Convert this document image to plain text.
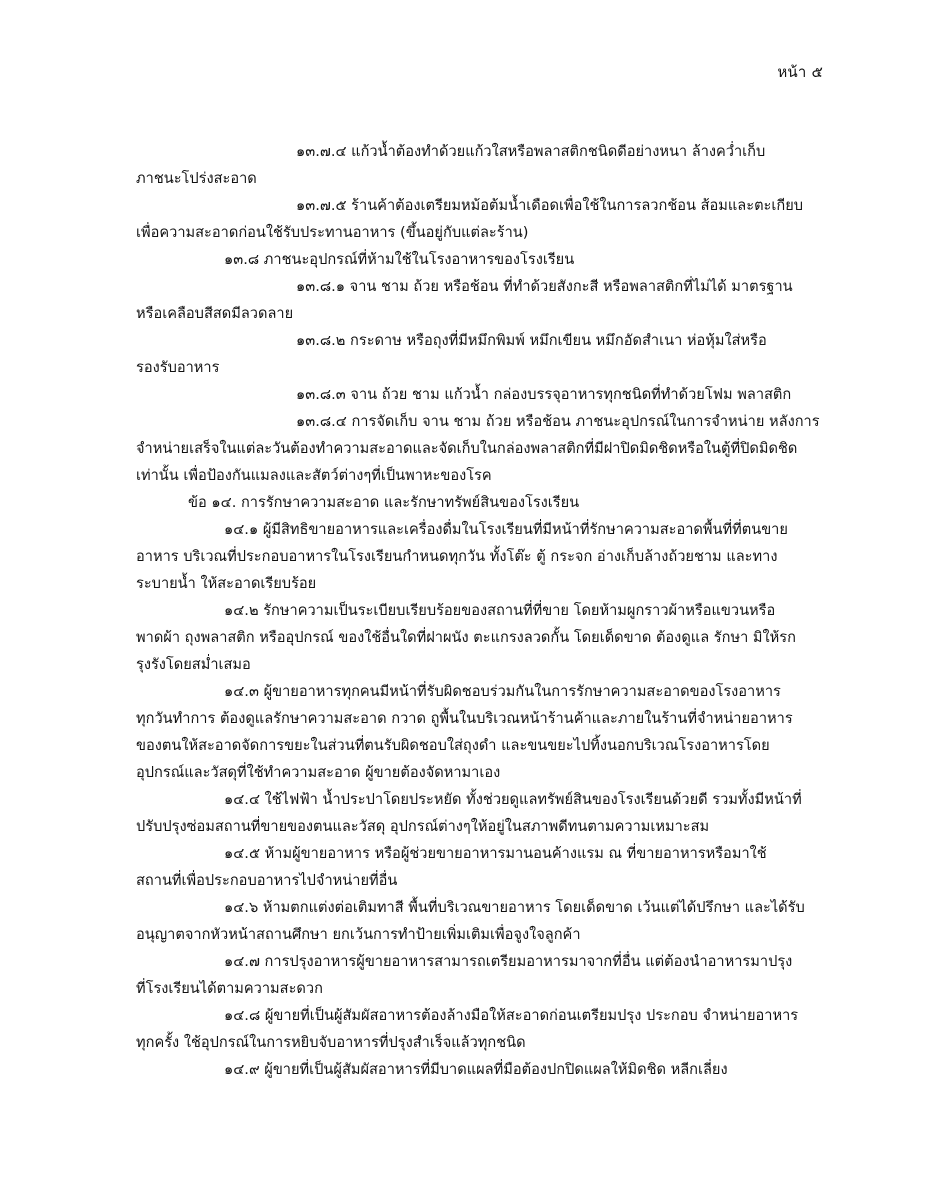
หน้า ๕
๑๓.๗.๔ แก้วน้ำต้องทำด้วยแก้วใสหรือพลาสติกชนิดดีอย่างหนา ล้างคว่ำเก็บ
ภาชนะโปร่งสะอาด
๑๓.๗.๕ ร้านค้าต้องเตรียมหม้อต้มน้ำเดือดเพื่อใช้ในการลวกช้อน ส้อมและตะเกียบ
เพื่อความสะอาดก่อนใช้รับประทานอาหาร (ขึ้นอยู่กับแต่ละร้าน)
๑๓.๘ ภาชนะอุปกรณ์ที่ห้ามใช้ในโรงอาหารของโรงเรียน
๑๓.๘.๑ จาน ชาม ถ้วย หรือช้อน ที่ทำด้วยสังกะสี หรือพลาสติกที่ไม่ได้ มาตรฐาน
หรือเคลือบสีสดมีลวดลาย
๑๓.๘.๒ กระดาษ หรือถุงที่มีหมึกพิมพ์ หมึกเขียน หมึกอัดสำเนา ห่อหุ้มใส่หรือ
รองรับอาหาร
๑๓.๘.๓ จาน ถ้วย ชาม แก้วน้ำ กล่องบรรจุอาหารทุกชนิดที่ทำด้วยโฟม พลาสติก
๑๓.๘.๔ การจัดเก็บ จาน ชาม ถ้วย หรือช้อน ภาชนะอุปกรณ์ในการจำหน่าย หลังการ
จำหน่ายเสร็จในแต่ละวันต้องทำความสะอาดและจัดเก็บในกล่องพลาสติกที่มีฝาปิดมิดชิดหรือในตู้ที่ปิดมิดชิด
เท่านั้น เพื่อป้องกันแมลงและสัตว์ต่างๆที่เป็นพาหะของโรค
ข้อ ๑๔. การรักษาความสะอาด และรักษาทรัพย์สินของโรงเรียน
๑๔.๑ ผู้มีสิทธิขายอาหารและเครื่องดื่มในโรงเรียนที่มีหน้าที่รักษาความสะอาดพื้นที่ที่ตนขาย
อาหาร บริเวณที่ประกอบอาหารในโรงเรียนกำหนดทุกวัน ทั้งโต๊ะ ตู้ กระจก อ่างเก็บล้างถ้วยชาม และทาง
ระบายน้ำ ให้สะอาดเรียบร้อย
๑๔.๒ รักษาความเป็นระเบียบเรียบร้อยของสถานที่ที่ขาย โดยห้ามผูกราวผ้าหรือแขวนหรือ
พาดผ้า ถุงพลาสติก หรืออุปกรณ์ ของใช้อื่นใดที่ฝาผนัง ตะแกรงลวดกั้น โดยเด็ดขาด ต้องดูแล รักษา มิให้รก
รุงรังโดยสม่ำเสมอ
๑๔.๓ ผู้ขายอาหารทุกคนมีหน้าที่รับผิดชอบร่วมกันในการรักษาความสะอาดของโรงอาหาร
ทุกวันทำการ ต้องดูแลรักษาความสะอาด กวาด ถูพื้นในบริเวณหน้าร้านค้าและภายในร้านที่จำหน่ายอาหาร
ของตนให้สะอาดจัดการขยะในส่วนที่ตนรับผิดชอบใส่ถุงดำ และขนขยะไปทิ้งนอกบริเวณโรงอาหารโดย
อุปกรณ์และวัสดุที่ใช้ทำความสะอาด ผู้ขายต้องจัดหามาเอง
๑๔.๔ ใช้ไฟฟ้า น้ำประปาโดยประหยัด ทั้งช่วยดูแลทรัพย์สินของโรงเรียนด้วยดี รวมทั้งมีหน้าที่
ปรับปรุงซ่อมสถานที่ขายของตนและวัสดุ อุปกรณ์ต่างๆให้อยู่ในสภาพดีทนตามความเหมาะสม
๑๔.๕ ห้ามผู้ขายอาหาร หรือผู้ช่วยขายอาหารมานอนค้างแรม ณ ที่ขายอาหารหรือมาใช้
สถานที่เพื่อประกอบอาหารไปจำหน่ายที่อื่น
๑๔.๖ ห้ามตกแต่งต่อเติมทาสี พื้นที่บริเวณขายอาหาร โดยเด็ดขาด เว้นแต่ได้ปรึกษา และได้รับ
อนุญาตจากหัวหน้าสถานศึกษา ยกเว้นการทำป้ายเพิ่มเติมเพื่อจูงใจลูกค้า
๑๔.๗ การปรุงอาหารผู้ขายอาหารสามารถเตรียมอาหารมาจากที่อื่น แต่ต้องนำอาหารมาปรุง
ที่โรงเรียนได้ตามความสะดวก
๑๔.๘ ผู้ขายที่เป็นผู้สัมผัสอาหารต้องล้างมือให้สะอาดก่อนเตรียมปรุง ประกอบ จำหน่ายอาหาร
ทุกครั้ง ใช้อุปกรณ์ในการหยิบจับอาหารที่ปรุงสำเร็จแล้วทุกชนิด
๑๔.๙ ผู้ขายที่เป็นผู้สัมผัสอาหารที่มีบาดแผลที่มือต้องปกปิดแผลให้มิดชิด หลีกเลี่ยง
